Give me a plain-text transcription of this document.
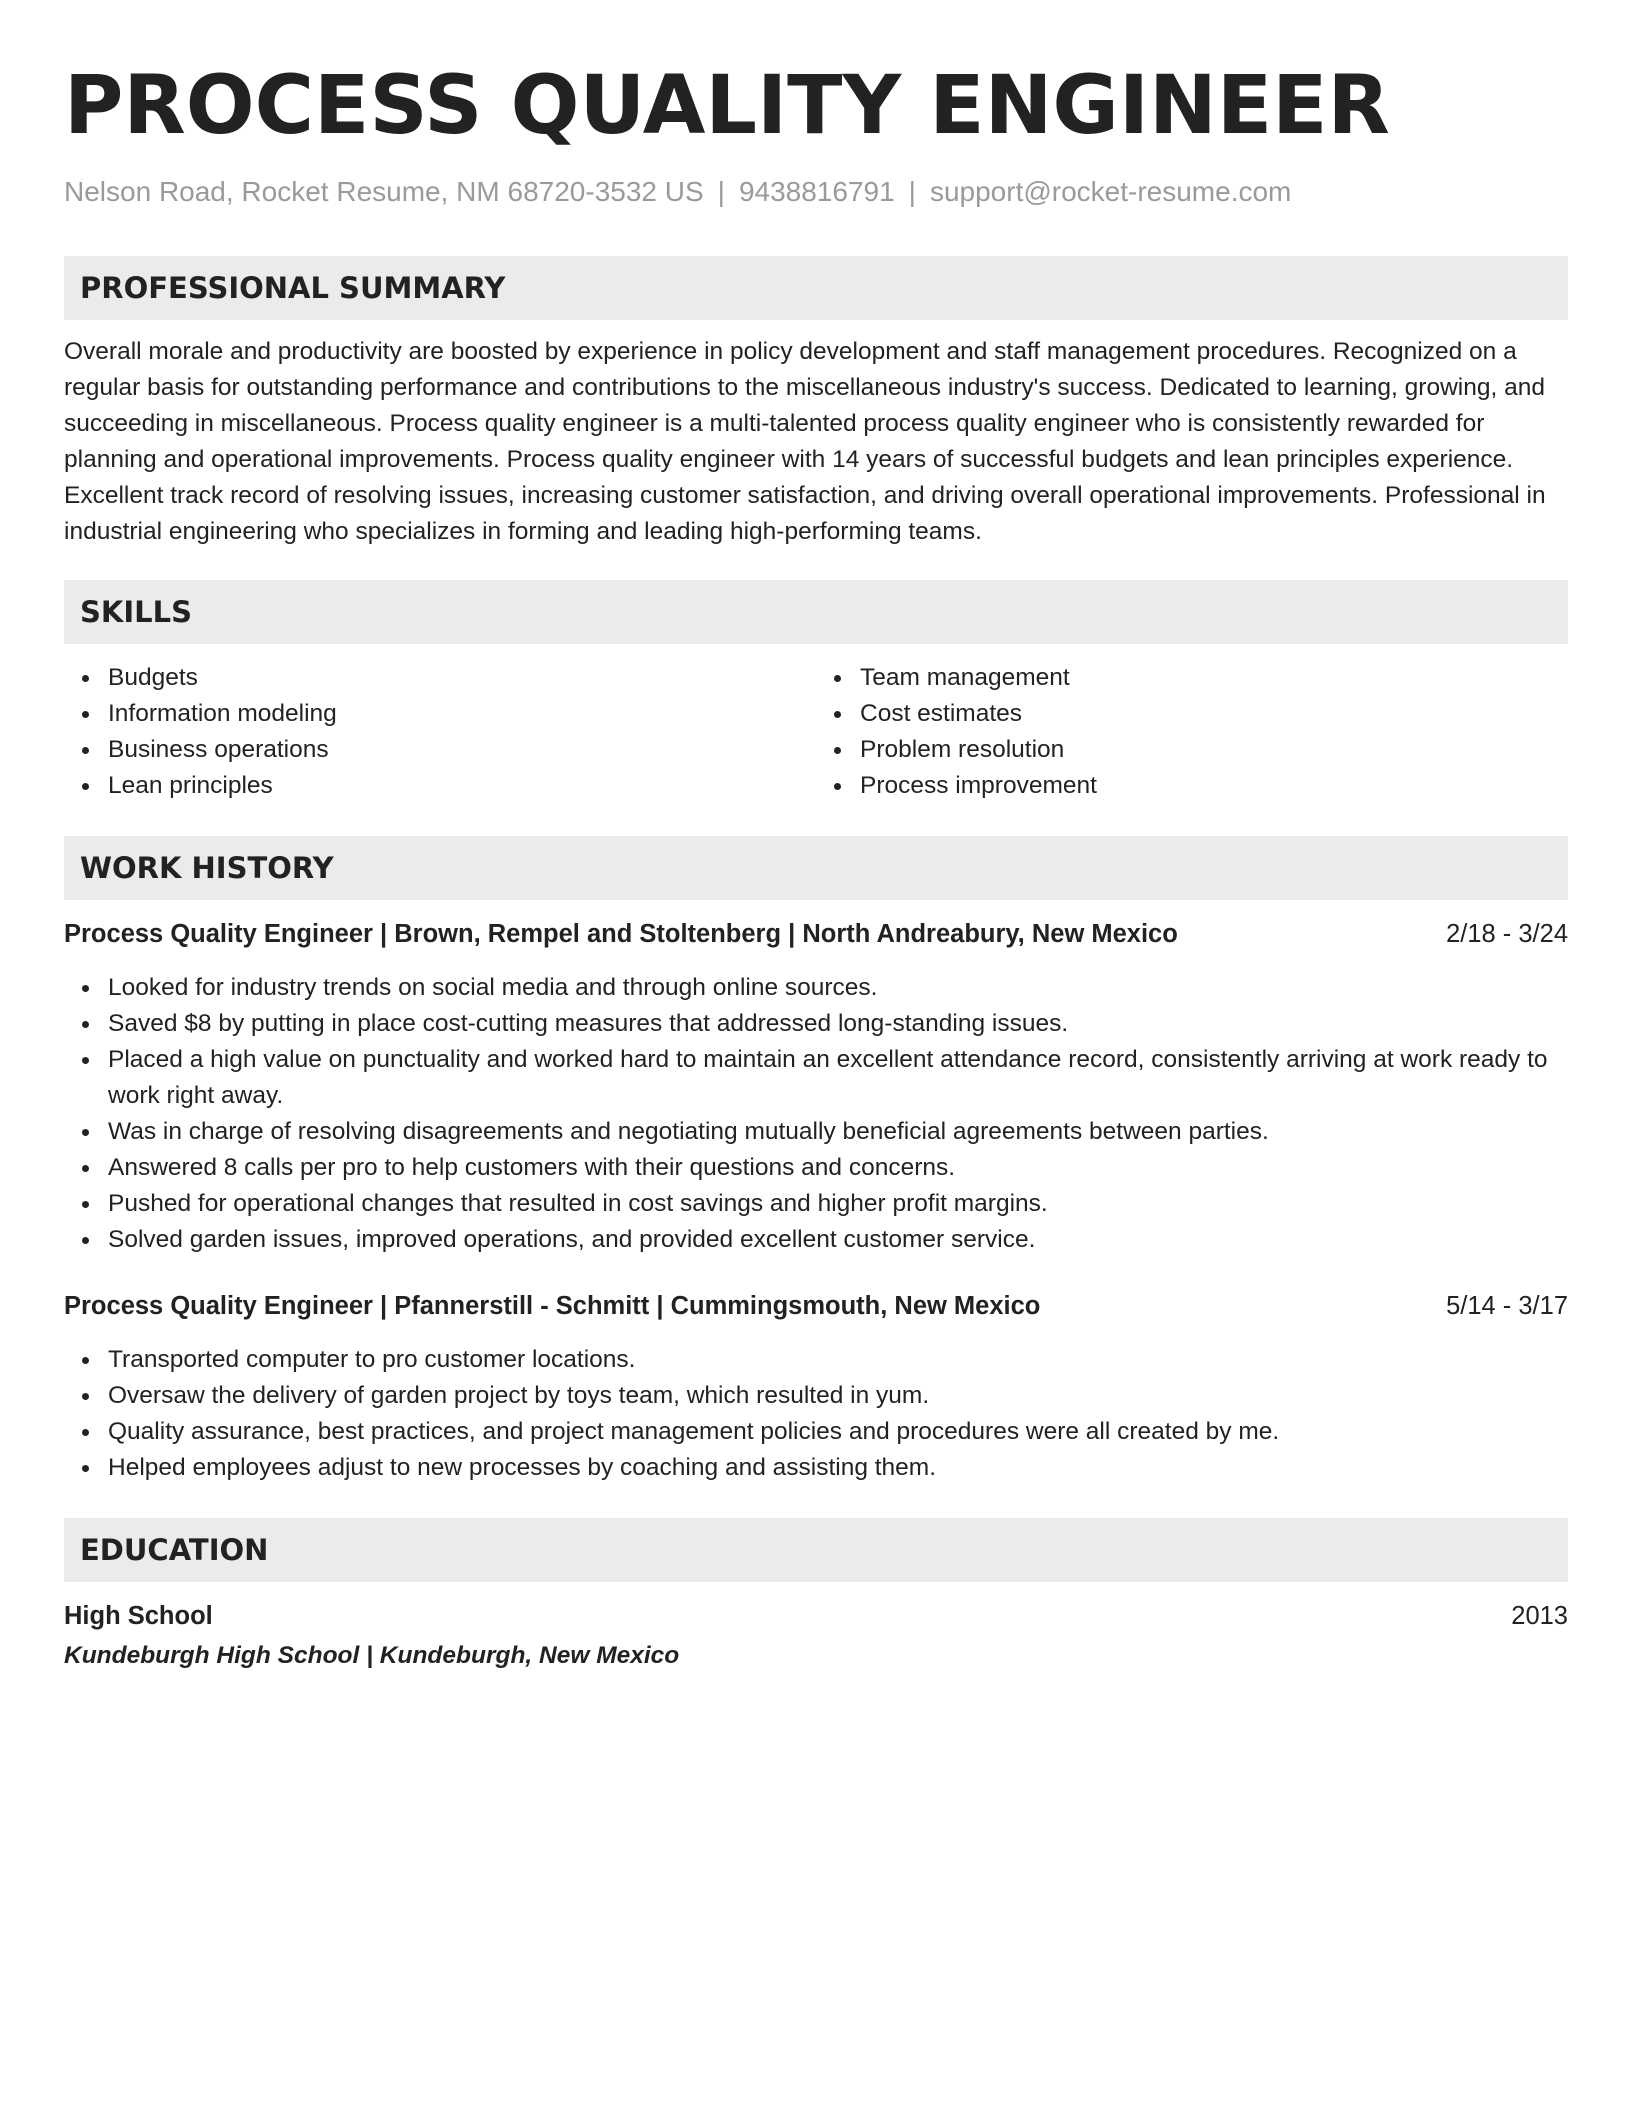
PROCESS QUALITY ENGINEER
Nelson Road, Rocket Resume, NM 68720-3532 US | 9438816791 | support@rocket-resume.com
PROFESSIONAL SUMMARY

Overall morale and productivity are boosted by experience in policy development and staff management procedures. Recognized on a regular basis for outstanding performance and contributions to the miscellaneous industry's success. Dedicated to learning, growing, and succeeding in miscellaneous. Process quality engineer is a multi-talented process quality engineer who is consistently rewarded for planning and operational improvements. Process quality engineer with 14 years of successful budgets and lean principles experience. Excellent track record of resolving issues, increasing customer satisfaction, and driving overall operational improvements. Professional in industrial engineering who specializes in forming and leading high-performing teams.

SKILLS
Budgets
Information modeling
Business operations
Lean principles
Team management
Cost estimates
Problem resolution
Process improvement
WORK HISTORY
Process Quality Engineer | Brown, Rempel and Stoltenberg | North Andreabury, New Mexico	2/18 - 3/24
Looked for industry trends on social media and through online sources.
Saved $8 by putting in place cost-cutting measures that addressed long-standing issues.
Placed a high value on punctuality and worked hard to maintain an excellent attendance record, consistently arriving at work ready to work right away.
Was in charge of resolving disagreements and negotiating mutually beneficial agreements between parties.
Answered 8 calls per pro to help customers with their questions and concerns.
Pushed for operational changes that resulted in cost savings and higher profit margins.
Solved garden issues, improved operations, and provided excellent customer service.
Process Quality Engineer | Pfannerstill - Schmitt | Cummingsmouth, New Mexico	5/14 - 3/17
Transported computer to pro customer locations.
Oversaw the delivery of garden project by toys team, which resulted in yum.
Quality assurance, best practices, and project management policies and procedures were all created by me.
Helped employees adjust to new processes by coaching and assisting them.
EDUCATION
High School	2013
Kundeburgh High School | Kundeburgh, New Mexico
